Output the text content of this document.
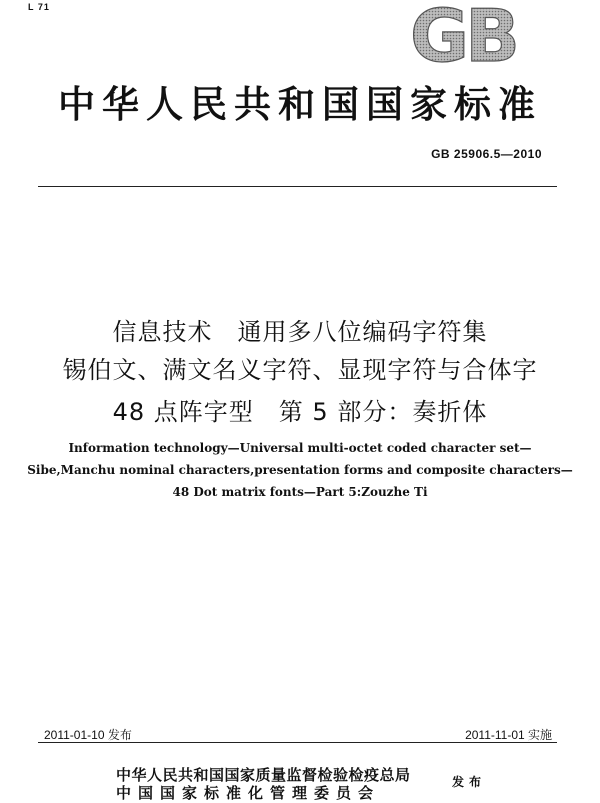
L 71	GB
中华人民共和国国家标准
GB 25906.5—2010
信息技术　通用多八位编码字符集
锡伯文、满文名义字符、显现字符与合体字
48 点阵字型　第 5 部分：奏折体
Information technology—Universal multi-octet coded character set—
Sibe,Manchu nominal characters,presentation forms and composite characters—
48 Dot matrix fonts—Part 5:Zouzhe Ti
2011-01-10 发布	2011-11-01 实施
中华人民共和国国家质量监督检验检疫总局
中国国家标准化管理委员会
发布
